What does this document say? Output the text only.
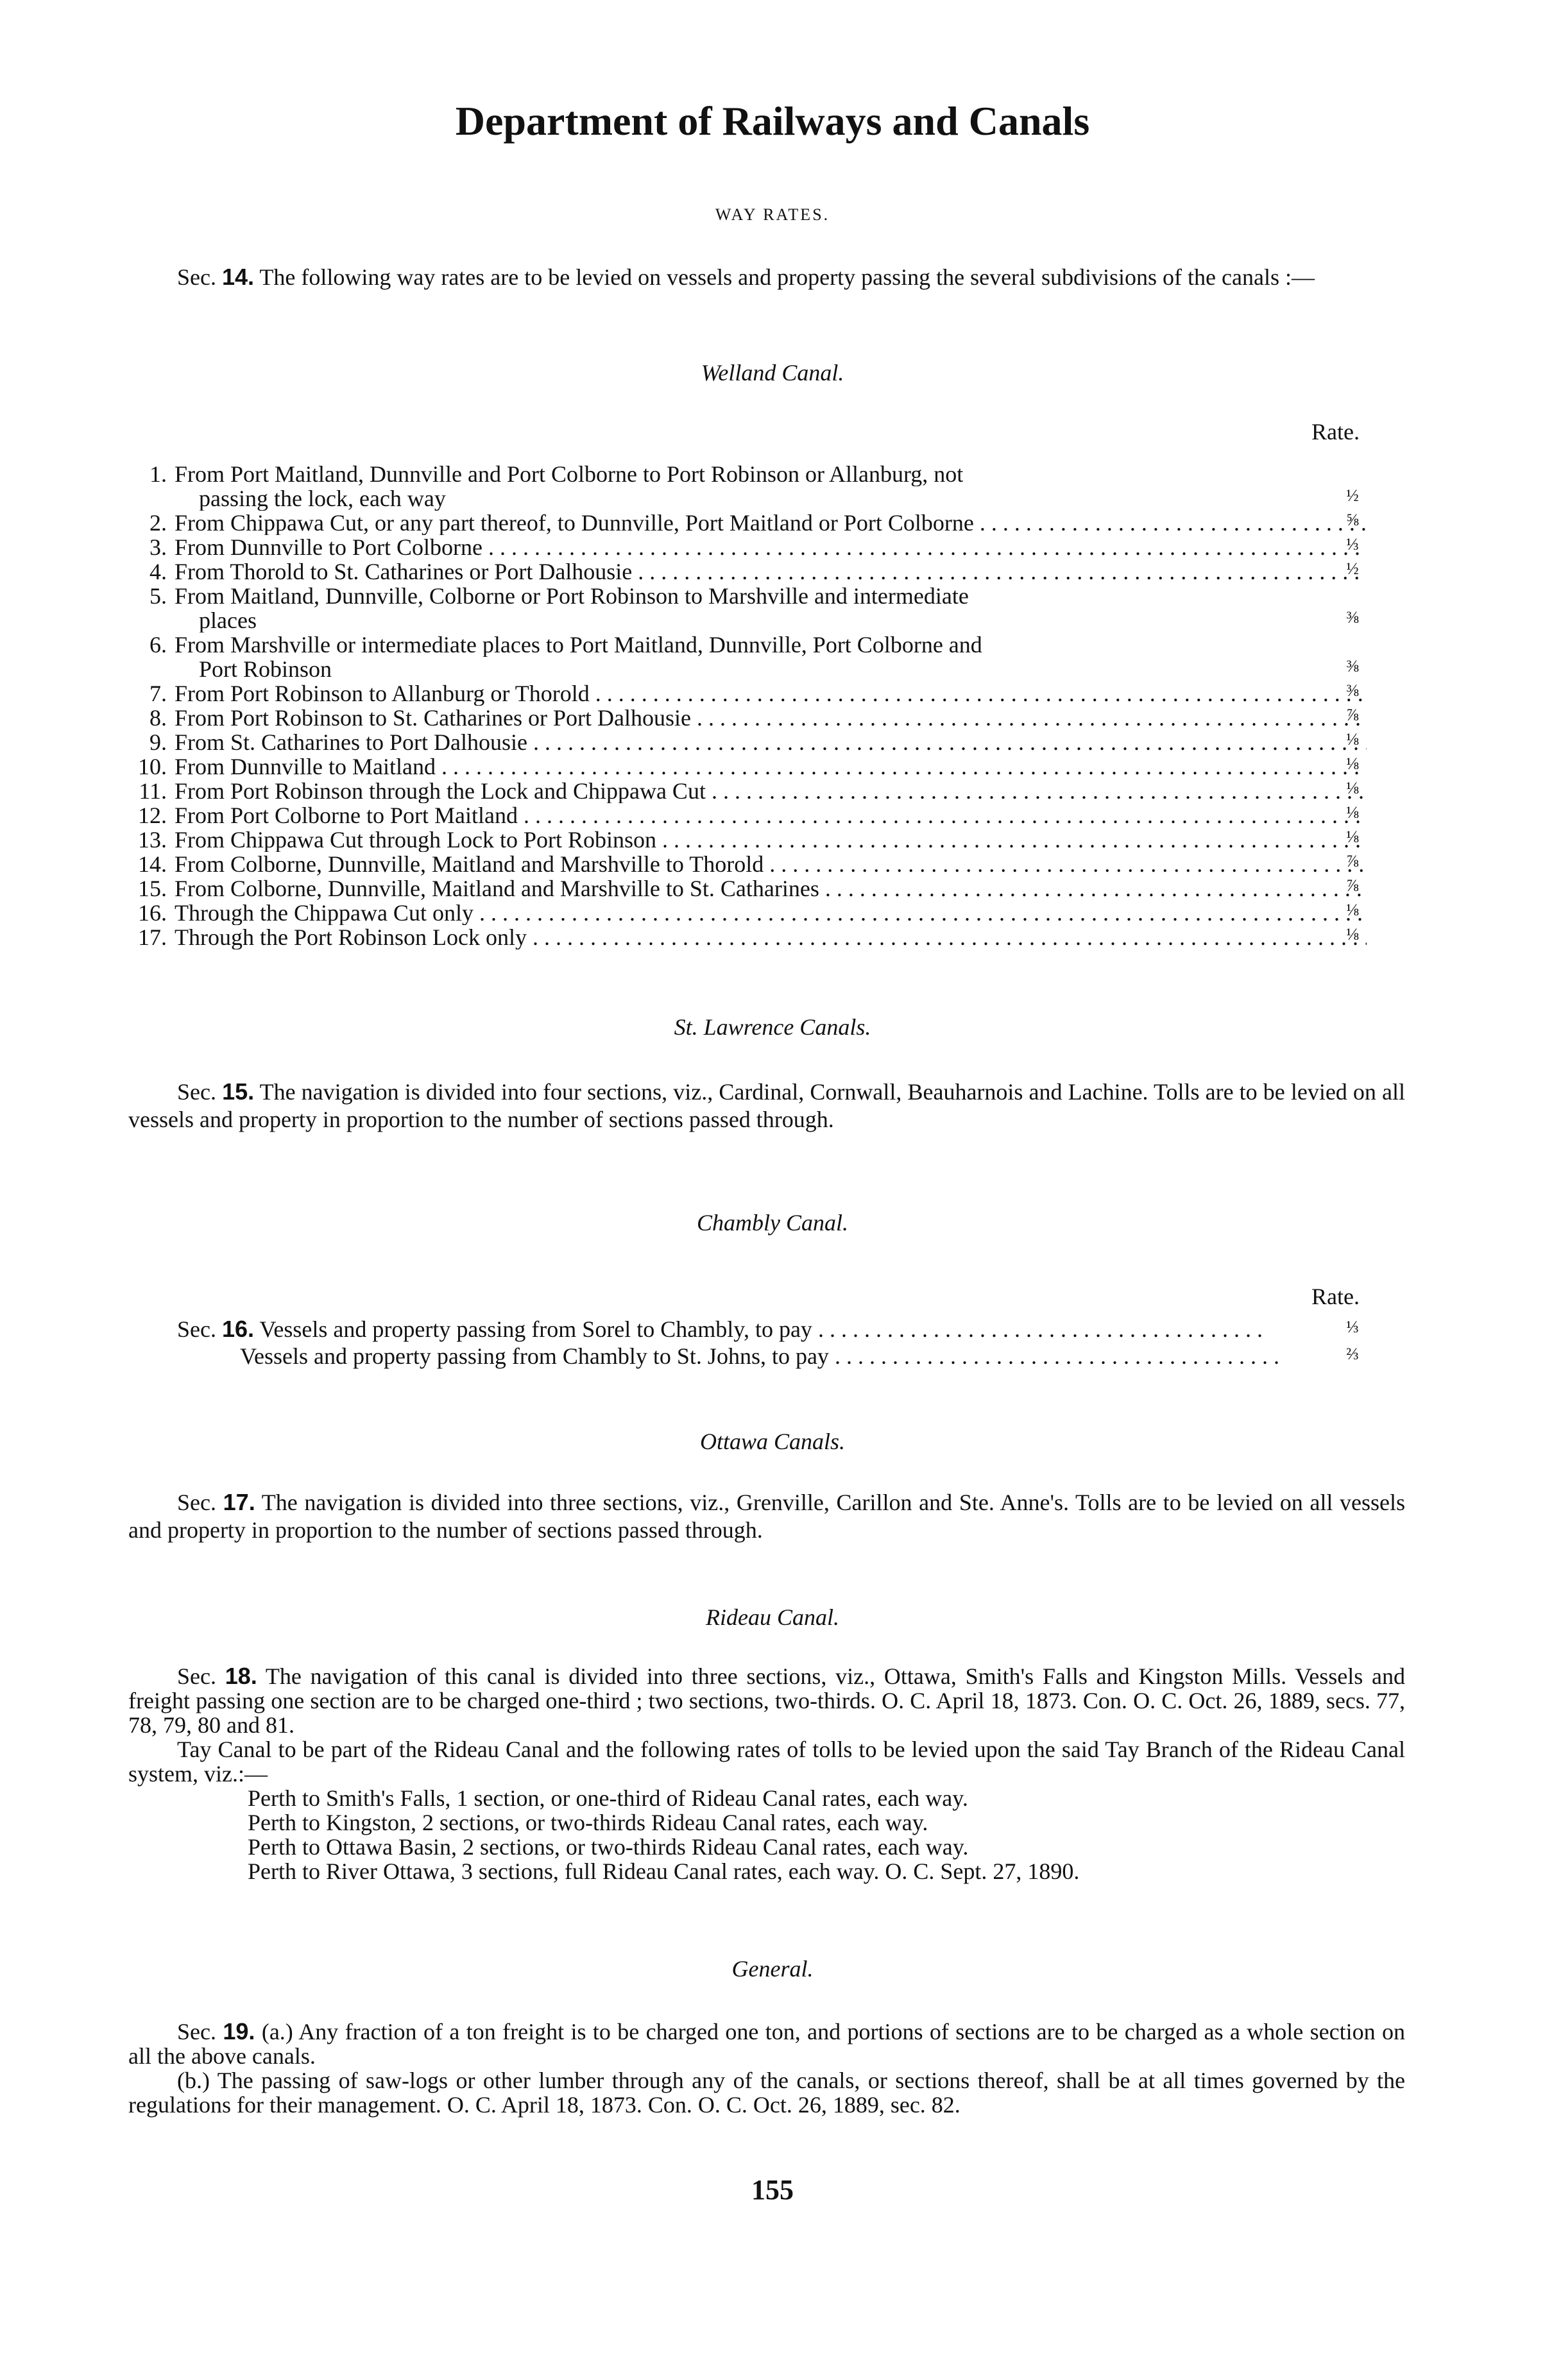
Department of Railways and Canals
WAY RATES.

Sec. 14. The following way rates are to be levied on vessels and property passing the several subdivisions of the canals :—

Welland Canal.
Rate.
1. From Port Maitland, Dunnville and Port Colborne to Port Robinson or Allanburg, not
passing the lock, each way	½
2. From Chippawa Cut, or any part thereof, to Dunnville, Port Maitland or Port Colborne . . .	⅝
3. From Dunnville to Port Colborne . . .	⅓
4. From Thorold to St. Catharines or Port Dalhousie . . .	½
5. From Maitland, Dunnville, Colborne or Port Robinson to Marshville and intermediate
places	⅜
6. From Marshville or intermediate places to Port Maitland, Dunnville, Port Colborne and
Port Robinson	⅜
7. From Port Robinson to Allanburg or Thorold . . .	⅜
8. From Port Robinson to St. Catharines or Port Dalhousie . . .	⅞
9. From St. Catharines to Port Dalhousie . . .	⅛
10. From Dunnville to Maitland . . .	⅛
11. From Port Robinson through the Lock and Chippawa Cut . . .	⅛
12. From Port Colborne to Port Maitland . . .	⅛
13. From Chippawa Cut through Lock to Port Robinson . . .	⅛
14. From Colborne, Dunnville, Maitland and Marshville to Thorold . . .	⅞
15. From Colborne, Dunnville, Maitland and Marshville to St. Catharines . . .	⅞
16. Through the Chippawa Cut only . . .	⅛
17. Through the Port Robinson Lock only . . .	⅛
St. Lawrence Canals.

Sec. 15. The navigation is divided into four sections, viz., Cardinal, Cornwall, Beauharnois and Lachine. Tolls are to be levied on all vessels and property in proportion to the number of sections passed through.

Chambly Canal.
Rate.
Sec. 16. Vessels and property passing from Sorel to Chambly, to pay . . . . . . . . . . . . . . . . . . . . . . . . . . . . . . . . . . . . . . .	⅓
Vessels and property passing from Chambly to St. Johns, to pay . . . . . . . . . . . . . . . . . . . . . . . . . . . . . . . . . . . . . . .	⅔
Ottawa Canals.

Sec. 17. The navigation is divided into three sections, viz., Grenville, Carillon and Ste. Anne's. Tolls are to be levied on all vessels and property in proportion to the number of sections passed through.

Rideau Canal.

Sec. 18. The navigation of this canal is divided into three sections, viz., Ottawa, Smith's Falls and Kingston Mills. Vessels and freight passing one section are to be charged one-third ; two sections, two-thirds. O. C. April 18, 1873. Con. O. C. Oct. 26, 1889, secs. 77, 78, 79, 80 and 81.

Tay Canal to be part of the Rideau Canal and the following rates of tolls to be levied upon the said Tay Branch of the Rideau Canal system, viz.:—

Perth to Smith's Falls, 1 section, or one-third of Rideau Canal rates, each way.
Perth to Kingston, 2 sections, or two-thirds Rideau Canal rates, each way.
Perth to Ottawa Basin, 2 sections, or two-thirds Rideau Canal rates, each way.
Perth to River Ottawa, 3 sections, full Rideau Canal rates, each way. O. C. Sept. 27, 1890.
General.

Sec. 19. (a.) Any fraction of a ton freight is to be charged one ton, and portions of sections are to be charged as a whole section on all the above canals.

(b.) The passing of saw-logs or other lumber through any of the canals, or sections thereof, shall be at all times governed by the regulations for their management. O. C. April 18, 1873. Con. O. C. Oct. 26, 1889, sec. 82.

155
